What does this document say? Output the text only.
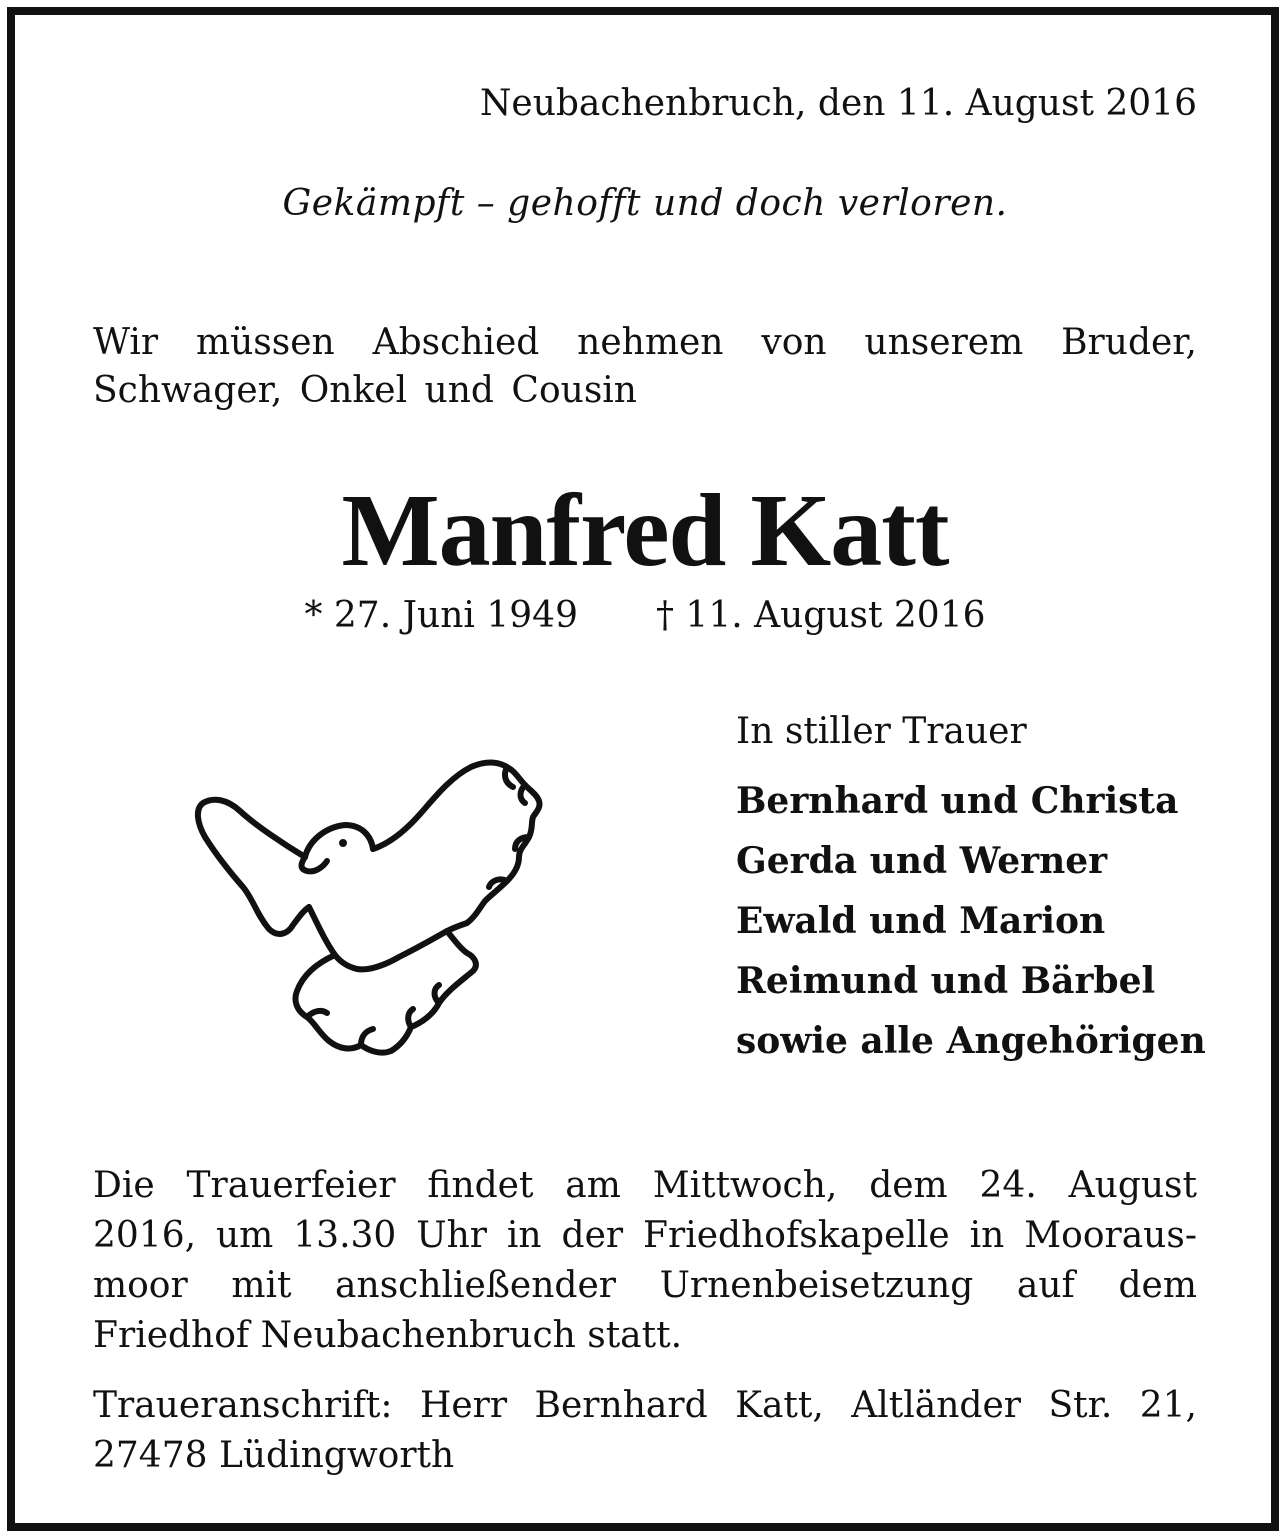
Neubachenbruch, den 11. August 2016
Gekämpft – gehofft und doch verloren.
Wir müssen Abschied nehmen von unserem Bruder,
Schwager, Onkel und Cousin
Manfred Katt
* 27. Juni 1949 † 11. August 2016
In stiller Trauer
Bernhard und Christa
Gerda und Werner
Ewald und Marion
Reimund und Bärbel
sowie alle Angehörigen
Die Trauerfeier findet am Mittwoch, dem 24. August
2016, um 13.30 Uhr in der Friedhofskapelle in Mooraus-
moor mit anschließender Urnenbeisetzung auf dem
Friedhof Neubachenbruch statt.
Traueranschrift: Herr Bernhard Katt, Altländer Str. 21,
27478 Lüdingworth
